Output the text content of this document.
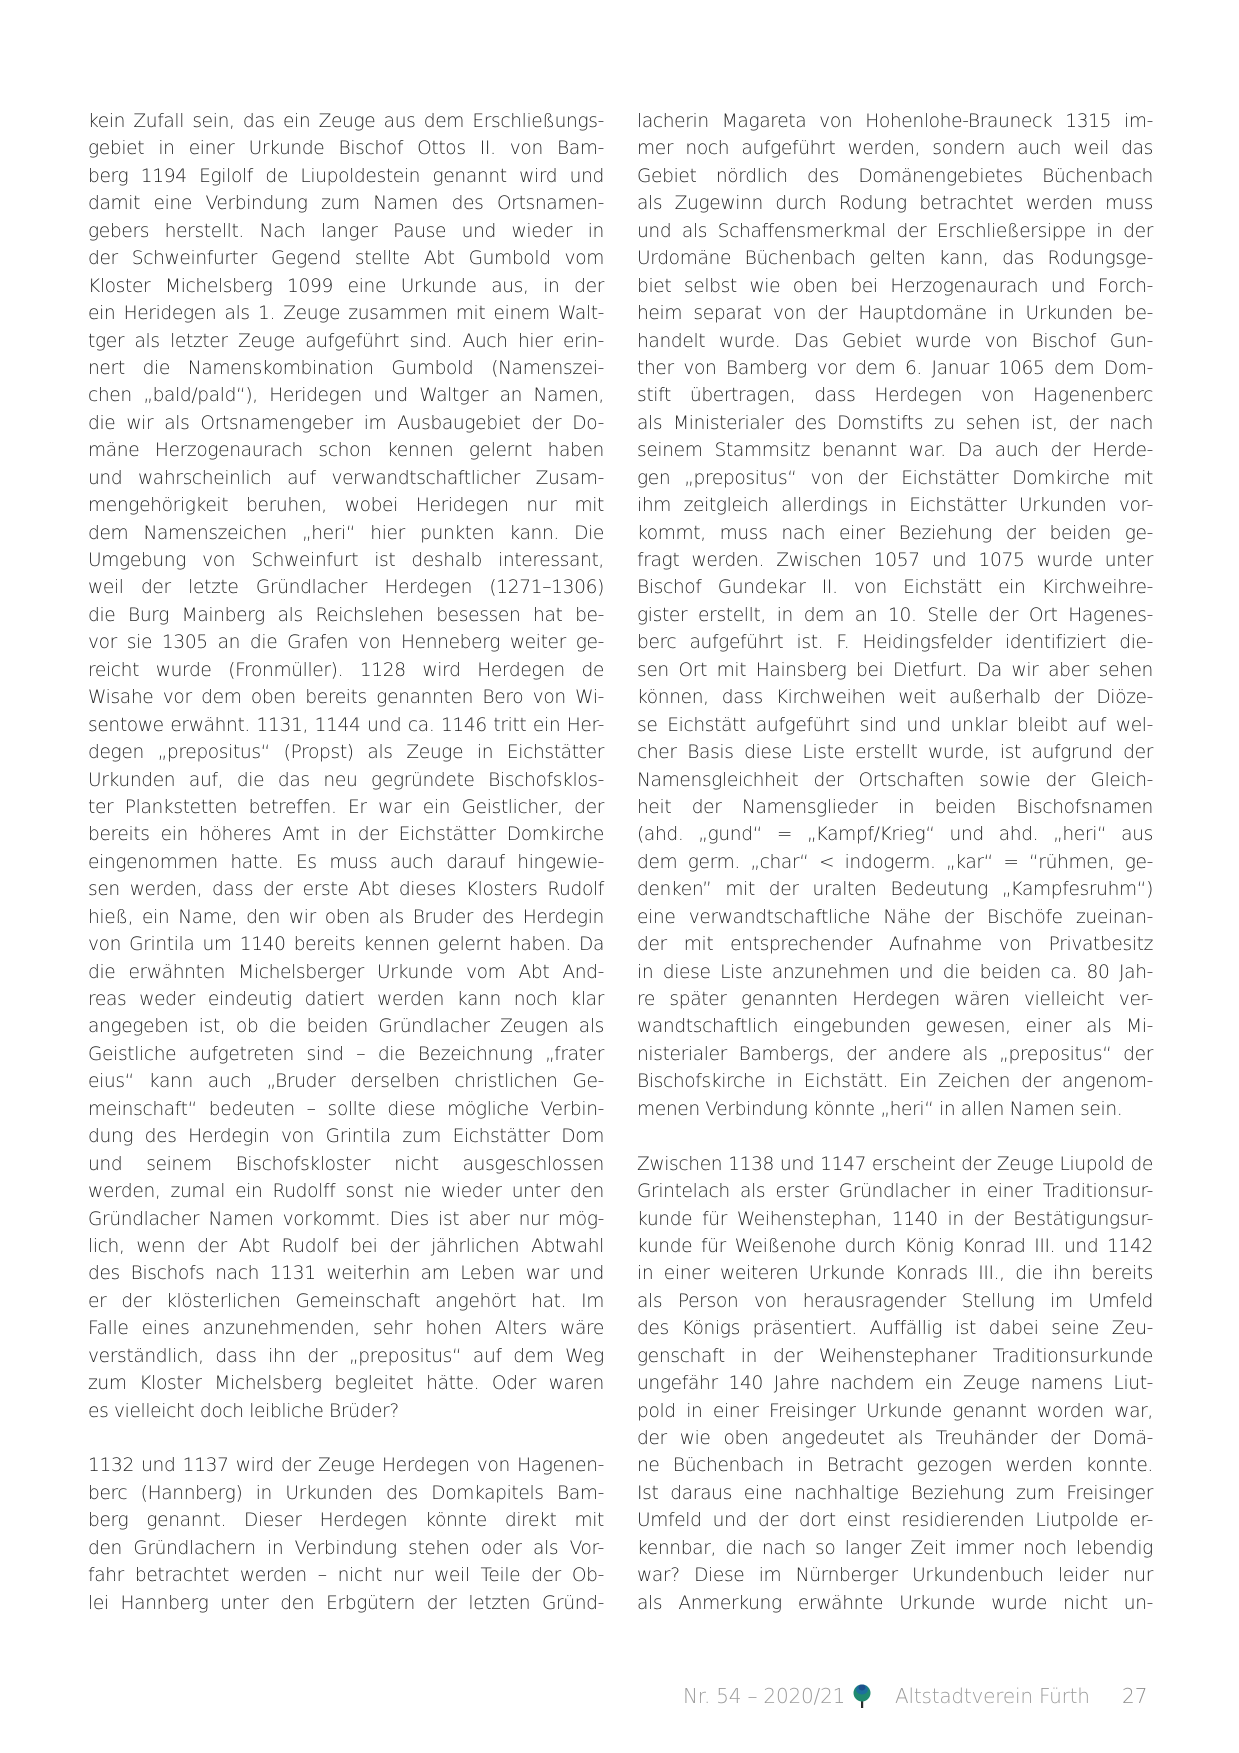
kein Zufall sein, das ein Zeuge aus dem Erschließungs-
gebiet in einer Urkunde Bischof Ottos II. von Bam-
berg 1194 Egilolf de Liupoldestein genannt wird und
damit eine Verbindung zum Namen des Ortsnamen-
gebers herstellt. Nach langer Pause und wieder in
der Schweinfurter Gegend stellte Abt Gumbold vom
Kloster Michelsberg 1099 eine Urkunde aus, in der
ein Heridegen als 1. Zeuge zusammen mit einem Walt-
tger als letzter Zeuge aufgeführt sind. Auch hier erin-
nert die Namenskombination Gumbold (Namenszei-
chen „bald/pald“), Heridegen und Waltger an Namen,
die wir als Ortsnamengeber im Ausbaugebiet der Do-
mäne Herzogenaurach schon kennen gelernt haben
und wahrscheinlich auf verwandtschaftlicher Zusam-
mengehörigkeit beruhen, wobei Heridegen nur mit
dem Namenszeichen „heri“ hier punkten kann. Die
Umgebung von Schweinfurt ist deshalb interessant,
weil der letzte Gründlacher Herdegen (1271–1306)
die Burg Mainberg als Reichslehen besessen hat be-
vor sie 1305 an die Grafen von Henneberg weiter ge-
reicht wurde (Fronmüller). 1128 wird Herdegen de
Wisahe vor dem oben bereits genannten Bero von Wi-
sentowe erwähnt. 1131, 1144 und ca. 1146 tritt ein Her-
degen „prepositus“ (Propst) als Zeuge in Eichstätter
Urkunden auf, die das neu gegründete Bischofsklos-
ter Plankstetten betreffen. Er war ein Geistlicher, der
bereits ein höheres Amt in der Eichstätter Domkirche
eingenommen hatte. Es muss auch darauf hingewie-
sen werden, dass der erste Abt dieses Klosters Rudolf
hieß, ein Name, den wir oben als Bruder des Herdegin
von Grintila um 1140 bereits kennen gelernt haben. Da
die erwähnten Michelsberger Urkunde vom Abt And-
reas weder eindeutig datiert werden kann noch klar
angegeben ist, ob die beiden Gründlacher Zeugen als
Geistliche aufgetreten sind – die Bezeichnung „frater
eius“ kann auch „Bruder derselben christlichen Ge-
meinschaft“ bedeuten – sollte diese mögliche Verbin-
dung des Herdegin von Grintila zum Eichstätter Dom
und seinem Bischofskloster nicht ausgeschlossen
werden, zumal ein Rudolff sonst nie wieder unter den
Gründlacher Namen vorkommt. Dies ist aber nur mög-
lich, wenn der Abt Rudolf bei der jährlichen Abtwahl
des Bischofs nach 1131 weiterhin am Leben war und
er der klösterlichen Gemeinschaft angehört hat. Im
Falle eines anzunehmenden, sehr hohen Alters wäre
verständlich, dass ihn der „prepositus“ auf dem Weg
zum Kloster Michelsberg begleitet hätte. Oder waren
es vielleicht doch leibliche Brüder?
1132 und 1137 wird der Zeuge Herdegen von Hagenen-
berc (Hannberg) in Urkunden des Domkapitels Bam-
berg genannt. Dieser Herdegen könnte direkt mit
den Gründlachern in Verbindung stehen oder als Vor-
fahr betrachtet werden – nicht nur weil Teile der Ob-
lei Hannberg unter den Erbgütern der letzten Gründ-
lacherin Magareta von Hohenlohe-Brauneck 1315 im-
mer noch aufgeführt werden, sondern auch weil das
Gebiet nördlich des Domänengebietes Büchenbach
als Zugewinn durch Rodung betrachtet werden muss
und als Schaffensmerkmal der Erschließersippe in der
Urdomäne Büchenbach gelten kann, das Rodungsge-
biet selbst wie oben bei Herzogenaurach und Forch-
heim separat von der Hauptdomäne in Urkunden be-
handelt wurde. Das Gebiet wurde von Bischof Gun-
ther von Bamberg vor dem 6. Januar 1065 dem Dom-
stift übertragen, dass Herdegen von Hagenenberc
als Ministerialer des Domstifts zu sehen ist, der nach
seinem Stammsitz benannt war. Da auch der Herde-
gen „prepositus“ von der Eichstätter Domkirche mit
ihm zeitgleich allerdings in Eichstätter Urkunden vor-
kommt, muss nach einer Beziehung der beiden ge-
fragt werden. Zwischen 1057 und 1075 wurde unter
Bischof Gundekar II. von Eichstätt ein Kirchweihre-
gister erstellt, in dem an 10. Stelle der Ort Hagenes-
berc aufgeführt ist. F. Heidingsfelder identifiziert die-
sen Ort mit Hainsberg bei Dietfurt. Da wir aber sehen
können, dass Kirchweihen weit außerhalb der Diöze-
se Eichstätt aufgeführt sind und unklar bleibt auf wel-
cher Basis diese Liste erstellt wurde, ist aufgrund der
Namensgleichheit der Ortschaften sowie der Gleich-
heit der Namensglieder in beiden Bischofsnamen
(ahd. „gund“ = „Kampf/Krieg“ und ahd. „heri“ aus
dem germ. „char“ < indogerm. „kar“ = “rühmen, ge-
denken” mit der uralten Bedeutung „Kampfesruhm“)
eine verwandtschaftliche Nähe der Bischöfe zueinan-
der mit entsprechender Aufnahme von Privatbesitz
in diese Liste anzunehmen und die beiden ca. 80 Jah-
re später genannten Herdegen wären vielleicht ver-
wandtschaftlich eingebunden gewesen, einer als Mi-
nisterialer Bambergs, der andere als „prepositus“ der
Bischofskirche in Eichstätt. Ein Zeichen der angenom-
menen Verbindung könnte „heri“ in allen Namen sein.
Zwischen 1138 und 1147 erscheint der Zeuge Liupold de
Grintelach als erster Gründlacher in einer Traditionsur-
kunde für Weihenstephan, 1140 in der Bestätigungsur-
kunde für Weißenohe durch König Konrad III. und 1142
in einer weiteren Urkunde Konrads III., die ihn bereits
als Person von herausragender Stellung im Umfeld
des Königs präsentiert. Auffällig ist dabei seine Zeu-
genschaft in der Weihenstephaner Traditionsurkunde
ungefähr 140 Jahre nachdem ein Zeuge namens Liut-
pold in einer Freisinger Urkunde genannt worden war,
der wie oben angedeutet als Treuhänder der Domä-
ne Büchenbach in Betracht gezogen werden konnte.
Ist daraus eine nachhaltige Beziehung zum Freisinger
Umfeld und der dort einst residierenden Liutpolde er-
kennbar, die nach so langer Zeit immer noch lebendig
war? Diese im Nürnberger Urkundenbuch leider nur
als Anmerkung erwähnte Urkunde wurde nicht un-
Nr. 54 – 2020/21 Altstadtverein Fürth 27
